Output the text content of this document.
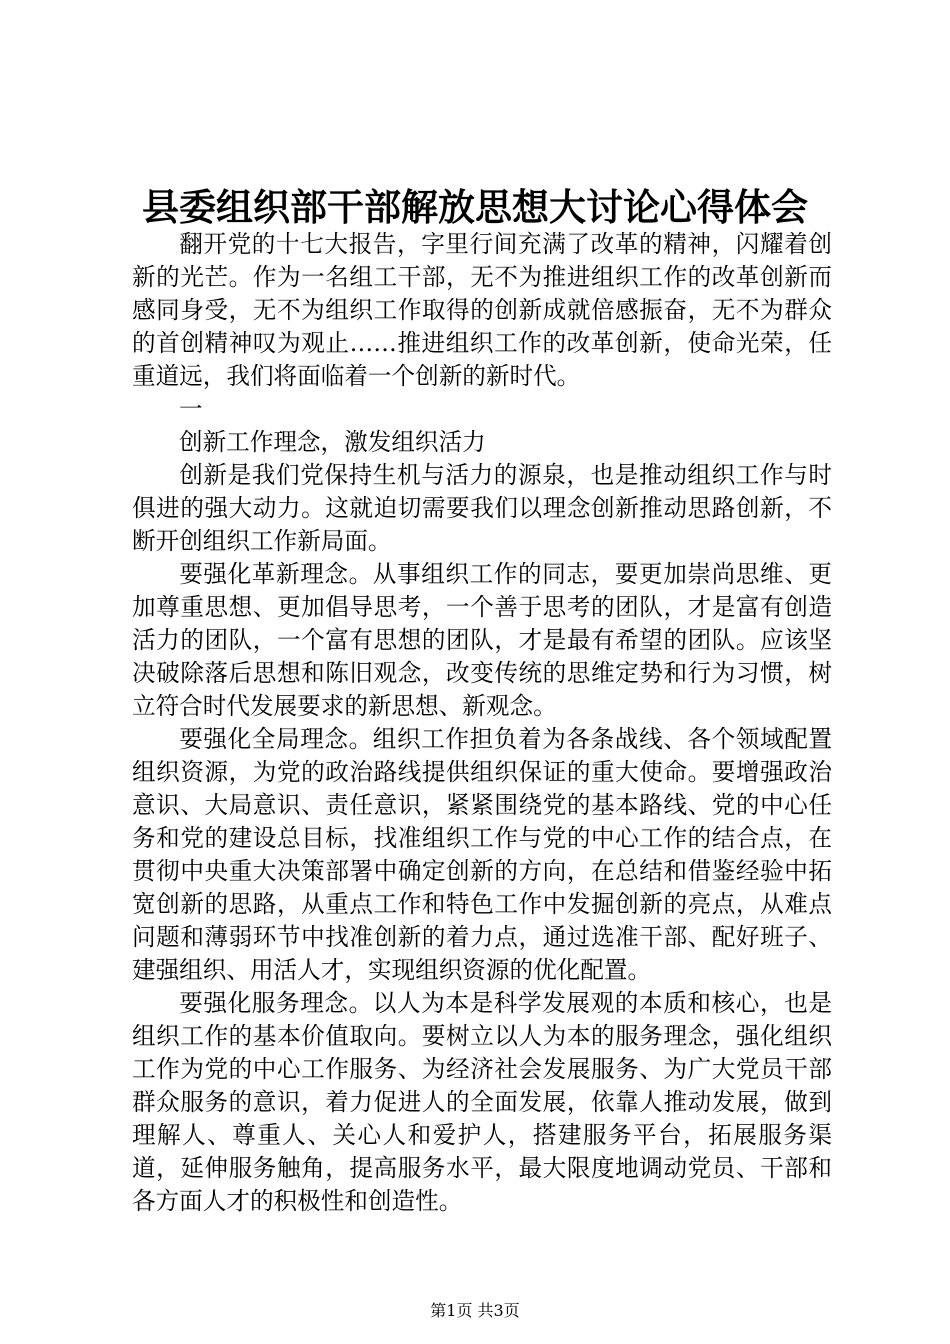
县委组织部干部解放思想大讨论心得体会

翻开党的十七大报告，字里行间充满了改革的精神，闪耀着创新的光芒。作为一名组工干部，无不为推进组织工作的改革创新而感同身受，无不为组织工作取得的创新成就倍感振奋，无不为群众的首创精神叹为观止……推进组织工作的改革创新，使命光荣，任重道远，我们将面临着一个创新的新时代。

一

创新工作理念，激发组织活力

创新是我们党保持生机与活力的源泉，也是推动组织工作与时俱进的强大动力。这就迫切需要我们以理念创新推动思路创新，不断开创组织工作新局面。

要强化革新理念。从事组织工作的同志，要更加崇尚思维、更加尊重思想、更加倡导思考，一个善于思考的团队，才是富有创造活力的团队，一个富有思想的团队，才是最有希望的团队。应该坚决破除落后思想和陈旧观念，改变传统的思维定势和行为习惯，树立符合时代发展要求的新思想、新观念。

要强化全局理念。组织工作担负着为各条战线、各个领域配置组织资源，为党的政治路线提供组织保证的重大使命。要增强政治意识、大局意识、责任意识，紧紧围绕党的基本路线、党的中心任务和党的建设总目标，找准组织工作与党的中心工作的结合点，在贯彻中央重大决策部署中确定创新的方向，在总结和借鉴经验中拓宽创新的思路，从重点工作和特色工作中发掘创新的亮点，从难点问题和薄弱环节中找准创新的着力点，通过选准干部、配好班子、建强组织、用活人才，实现组织资源的优化配置。

要强化服务理念。以人为本是科学发展观的本质和核心，也是组织工作的基本价值取向。要树立以人为本的服务理念，强化组织工作为党的中心工作服务、为经济社会发展服务、为广大党员干部群众服务的意识，着力促进人的全面发展，依靠人推动发展，做到理解人、尊重人、关心人和爱护人，搭建服务平台，拓展服务渠道，延伸服务触角，提高服务水平，最大限度地调动党员、干部和各方面人才的积极性和创造性。

第1页 共3页
